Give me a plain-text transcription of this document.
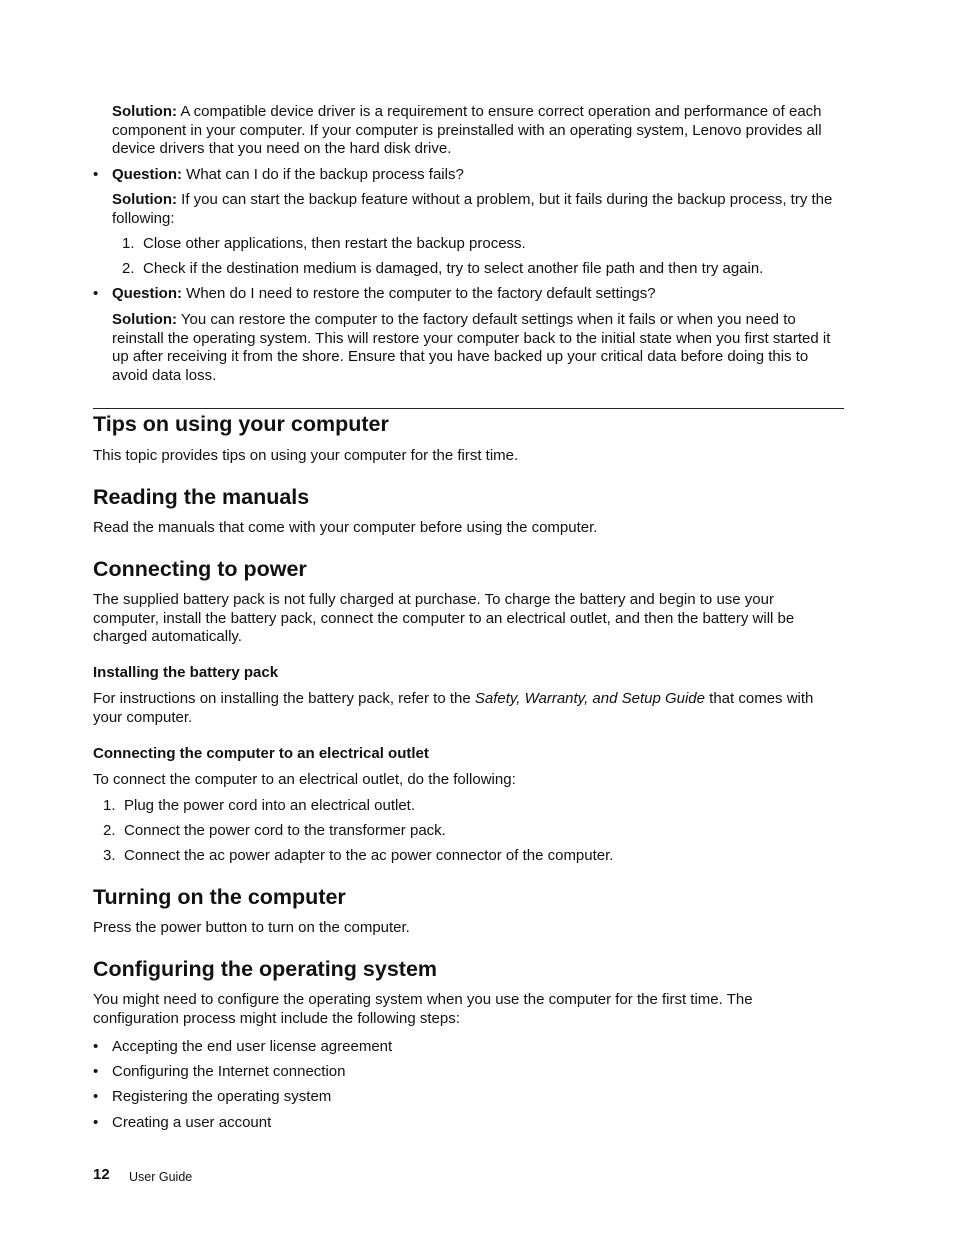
Solution: A compatible device driver is a requirement to ensure correct operation and performance of each component in your computer. If your computer is preinstalled with an operating system, Lenovo provides all device drivers that you need on the hard disk drive.
• Question: What can I do if the backup process fails?
Solution: If you can start the backup feature without a problem, but it fails during the backup process, try the following:
1. Close other applications, then restart the backup process.
2. Check if the destination medium is damaged, try to select another file path and then try again.
• Question: When do I need to restore the computer to the factory default settings?
Solution: You can restore the computer to the factory default settings when it fails or when you need to reinstall the operating system. This will restore your computer back to the initial state when you first started it up after receiving it from the shore. Ensure that you have backed up your critical data before doing this to avoid data loss.
Tips on using your computer
This topic provides tips on using your computer for the first time.
Reading the manuals
Read the manuals that come with your computer before using the computer.
Connecting to power
The supplied battery pack is not fully charged at purchase. To charge the battery and begin to use your computer, install the battery pack, connect the computer to an electrical outlet, and then the battery will be charged automatically.
Installing the battery pack
For instructions on installing the battery pack, refer to the Safety, Warranty, and Setup Guide that comes with your computer.
Connecting the computer to an electrical outlet
To connect the computer to an electrical outlet, do the following:
1. Plug the power cord into an electrical outlet.
2. Connect the power cord to the transformer pack.
3. Connect the ac power adapter to the ac power connector of the computer.
Turning on the computer
Press the power button to turn on the computer.
Configuring the operating system
You might need to configure the operating system when you use the computer for the first time. The configuration process might include the following steps:
• Accepting the end user license agreement
• Configuring the Internet connection
• Registering the operating system
• Creating a user account
12 User Guide
